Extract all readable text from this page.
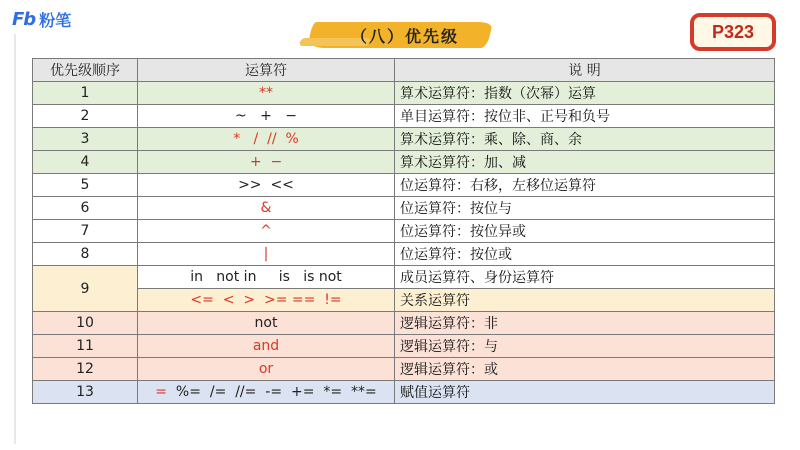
Fb 粉笔
（八）优先级	P323
优先级顺序	运算符	说 明
1	**	算术运算符：指数（次幂）运算
2	~   +   −	单目运算符：按位非、正号和负号
3	*   /  //  %	算术运算符：乘、除、商、余
4	+  −	算术运算符：加、减
5	>>  <<	位运算符：右移，左移位运算符
6	&	位运算符：按位与
7	^	位运算符：按位异或
8	|	位运算符：按位或
9	in   not in     is   is not	成员运算符、身份运算符
	<=  <  >  >= ==  !=	关系运算符
10	not	逻辑运算符：非
11	and	逻辑运算符：与
12	or	逻辑运算符：或
13	=  %=  /=  //=  -=  +=  *=  **=	赋值运算符
